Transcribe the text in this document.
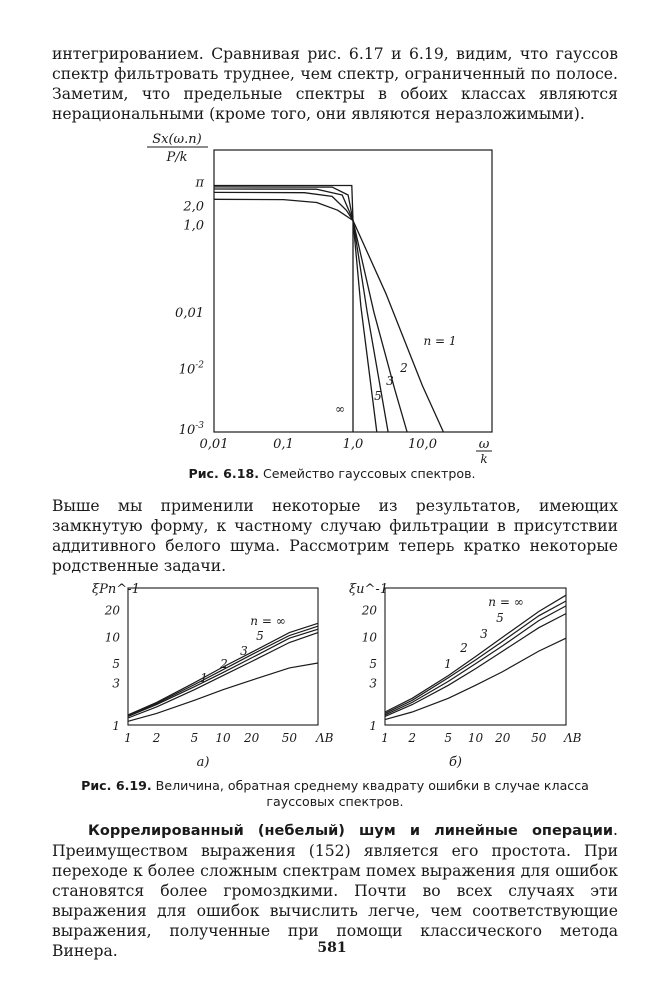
интегрированием. Сравнивая рис. 6.17 и 6.19, видим, что гауссов спектр фильтровать труднее, чем спектр, ограниченный по полосе. Заметим, что предельные спектры в обоих классах являются нерациональными (кроме того, они являются неразложимыми).

π
2,0
1,0
0,01
$10^{-2}$
$10^{-3}$
0,01	0,1	1,0	10,0
Sx(ω.n)
P/k
ω
k
n = 1
2
3
5
∞
1
3
5
10
20
1 2	5 10 20 50 ΛB
а)
ξPn^-1
1
2
3
5
n = ∞
1
3
5
10
20
1 2 5 10 20 50 ΛB
б)
ξu^-1
1
2
3
5
n = ∞
Рис. 6.18. Семейство гауссовых спектров.

Выше мы применили некоторые из результатов, имеющих замкнутую форму, к частному случаю фильтрации в присутствии аддитивного белого шума. Рассмотрим теперь кратко некоторые родственные задачи.

Рис. 6.19. Величина, обратная среднему квадрату ошибки в случае класса гауссовых спектров.

Коррелированный (небелый) шум и линейные операции. Преимуществом выражения (152) является его простота. При переходе к более сложным спектрам помех выражения для ошибок становятся более громоздкими. Почти во всех случаях эти выражения для ошибок вычислить легче, чем соответствующие выражения, полученные при помощи классического метода Винера.	581
